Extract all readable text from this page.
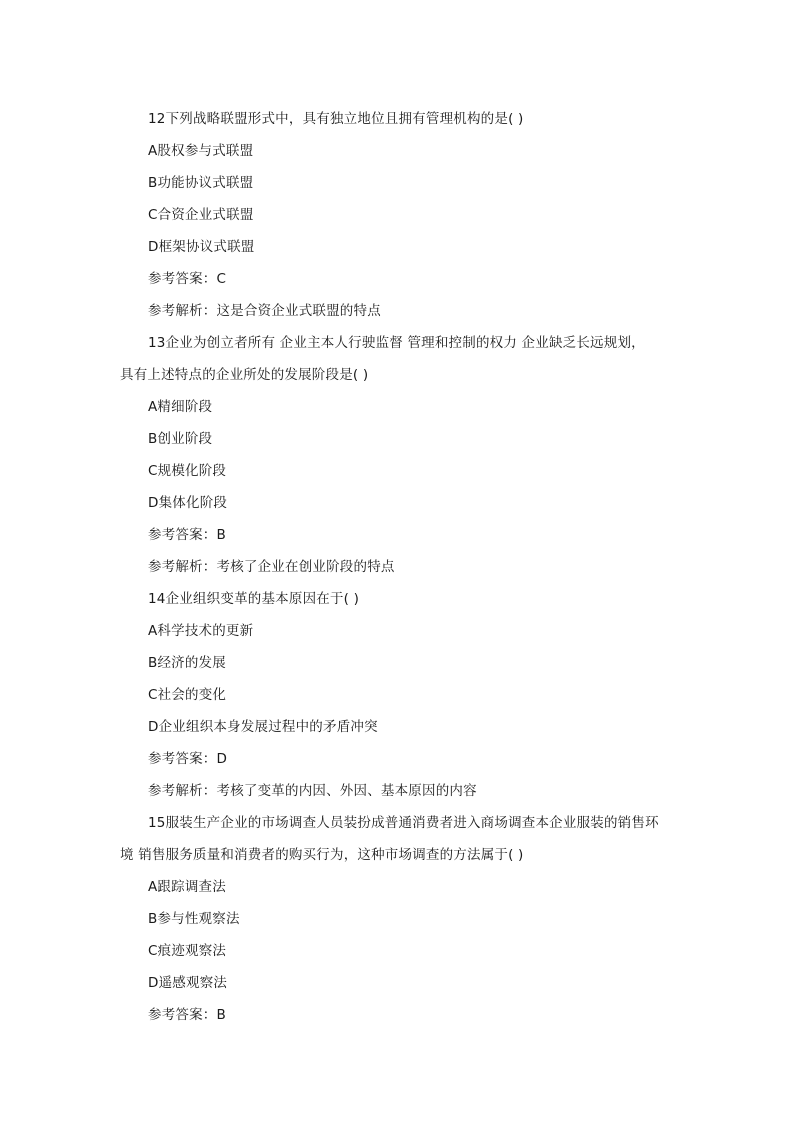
12下列战略联盟形式中，具有独立地位且拥有管理机构的是( )
A股权参与式联盟
B功能协议式联盟
C合资企业式联盟
D框架协议式联盟
参考答案：C
参考解析：这是合资企业式联盟的特点
13企业为创立者所有 企业主本人行驶监督 管理和控制的权力 企业缺乏长远规划，
具有上述特点的企业所处的发展阶段是( )
A精细阶段
B创业阶段
C规模化阶段
D集体化阶段
参考答案：B
参考解析：考核了企业在创业阶段的特点
14企业组织变革的基本原因在于( )
A科学技术的更新
B经济的发展
C社会的变化
D企业组织本身发展过程中的矛盾冲突
参考答案：D
参考解析：考核了变革的内因、外因、基本原因的内容
15服装生产企业的市场调查人员装扮成普通消费者进入商场调查本企业服装的销售环
境 销售服务质量和消费者的购买行为，这种市场调查的方法属于( )
A跟踪调查法
B参与性观察法
C痕迹观察法
D遥感观察法
参考答案：B
